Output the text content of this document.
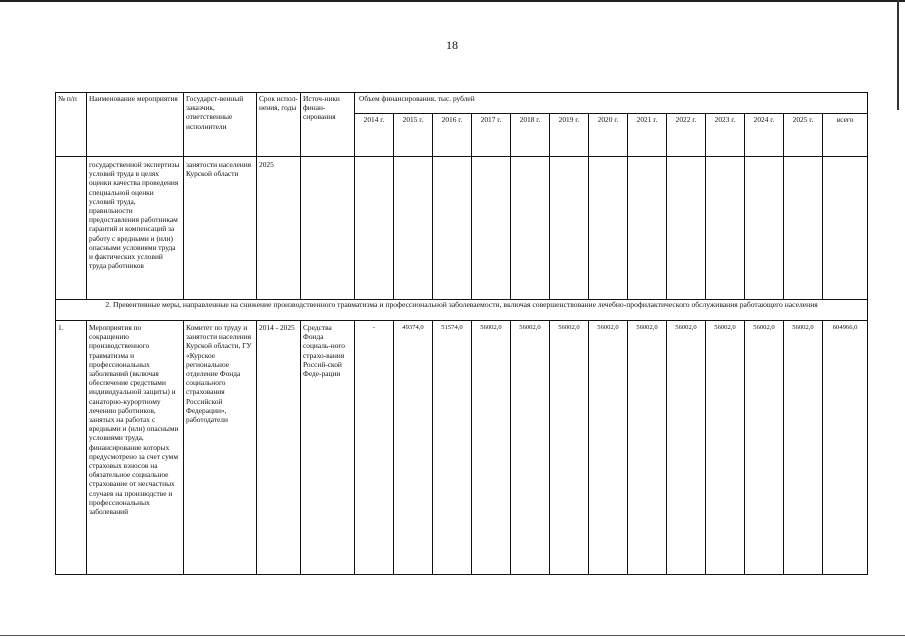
18
№ п/п	Наименование мероприятия	Государст-венный заказчик, ответственные исполнители	Срок испол-нения, годы	Источ-ники финан-сирования	Объем финансирования, тыс. рублей												
					2014 г.	2015 г.	2016 г.	2017 г.	2018 г.	2019 г.	2020 г.	2021 г.	2022 г.	2023 г.	2024 г.	2025 г.	всего
	государственной экспертизы условий труда в целях оценки качества проведения специальной оценки условий труда, правильности предоставления работникам гарантий и компенсаций за работу с вредными и (или) опасными условиями труда и фактических условий труда работников	занятости населения Курской области	2025														
2. Превентивные меры, направленные на снижение производственного травматизма и профессиональной заболеваемости, включая совершенствование лечебно-профилактического обслуживания работающего населения																	
1.	Мероприятия по сокращению производственного травматизма и профессиональных заболеваний (включая обеспечение средствами индивидуальной защиты) и санаторно-курортному лечению работников, занятых на работах с вредными и (или) опасными условиями труда, финансирование которых предусмотрено за счет сумм страховых взносов на обязательное социальное страхование от несчастных случаев на производстве и профессиональных заболеваний	Комитет по труду и занятости населения Курской области, ГУ «Курское региональное отделение Фонда социального страхования Российской Федерации», работодатели	2014 - 2025	Средства Фонда социаль-ного страхо-вания Россий-ской Феде-рации	-	49374,0	51574,0	56002,0	56002,0	56002,0	56002,0	56002,0	56002,0	56002,0	56002,0	56002,0	604966,0
